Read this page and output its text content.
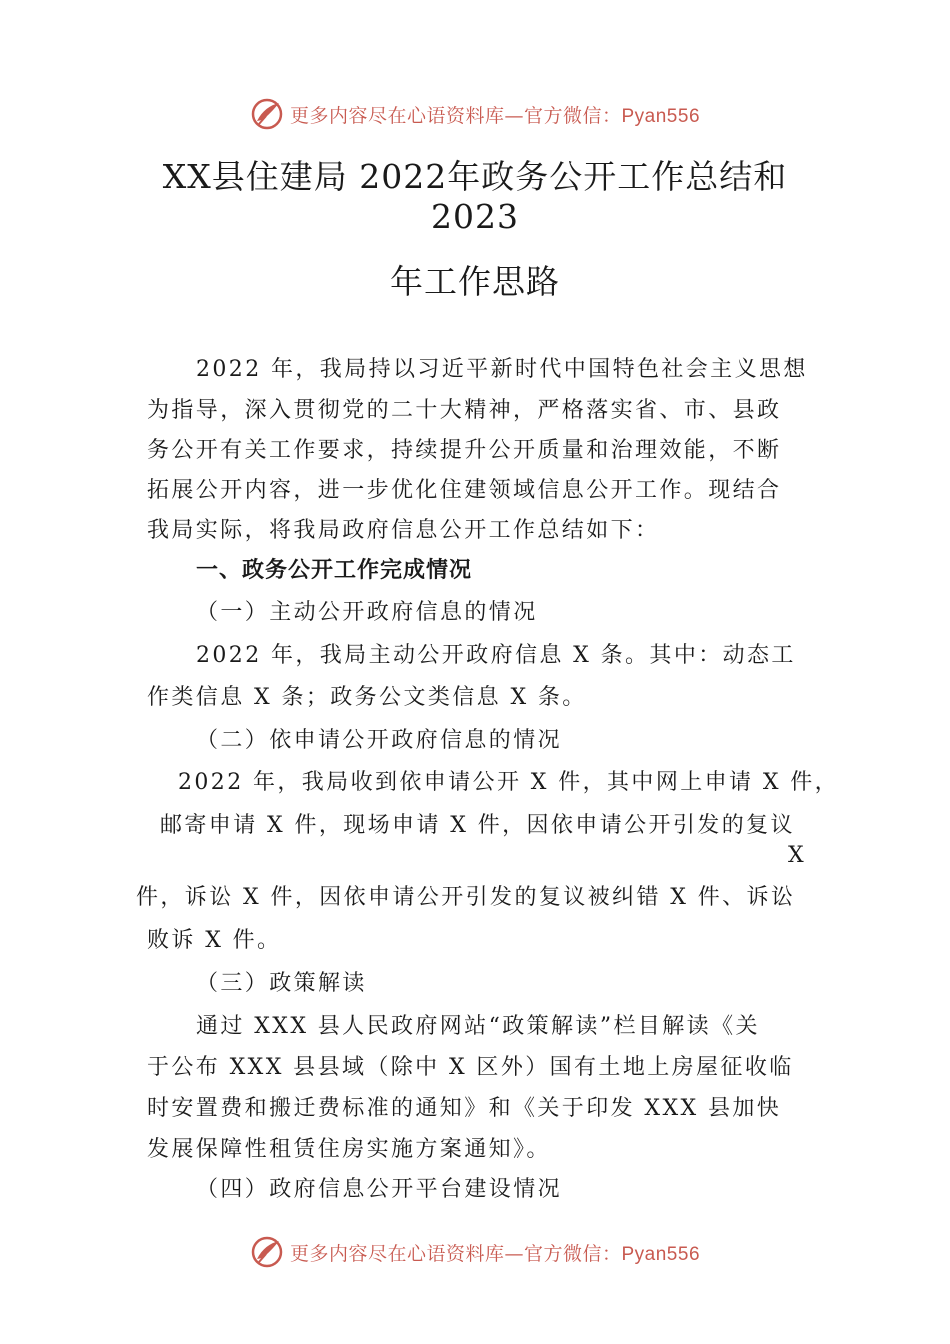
更多内容尽在心语资料库—官方微信：Pyan556
XX县住建局 2022年政务公开工作总结和
2023
年工作思路
2022 年，我局持以习近平新时代中国特色社会主义思想
为指导，深入贯彻党的二十大精神，严格落实省、市、县政
务公开有关工作要求，持续提升公开质量和治理效能，不断
拓展公开内容，进一步优化住建领域信息公开工作。现结合
我局实际，将我局政府信息公开工作总结如下：
一、政务公开工作完成情况
（一）主动公开政府信息的情况
2022 年，我局主动公开政府信息 X 条。其中：动态工
作类信息 X 条；政务公文类信息 X 条。
（二）依申请公开政府信息的情况
2022 年，我局收到依申请公开 X 件，其中网上申请 X 件，
邮寄申请 X 件，现场申请 X 件，因依申请公开引发的复议
X
件，诉讼 X 件，因依申请公开引发的复议被纠错 X 件、诉讼
败诉 X 件。
（三）政策解读
通过 XXX 县人民政府网站“政策解读”栏目解读《关
于公布 XXX 县县域（除中 X 区外）国有土地上房屋征收临
时安置费和搬迁费标准的通知》和《关于印发 XXX 县加快
发展保障性租赁住房实施方案通知》。
（四）政府信息公开平台建设情况
更多内容尽在心语资料库—官方微信：Pyan556
